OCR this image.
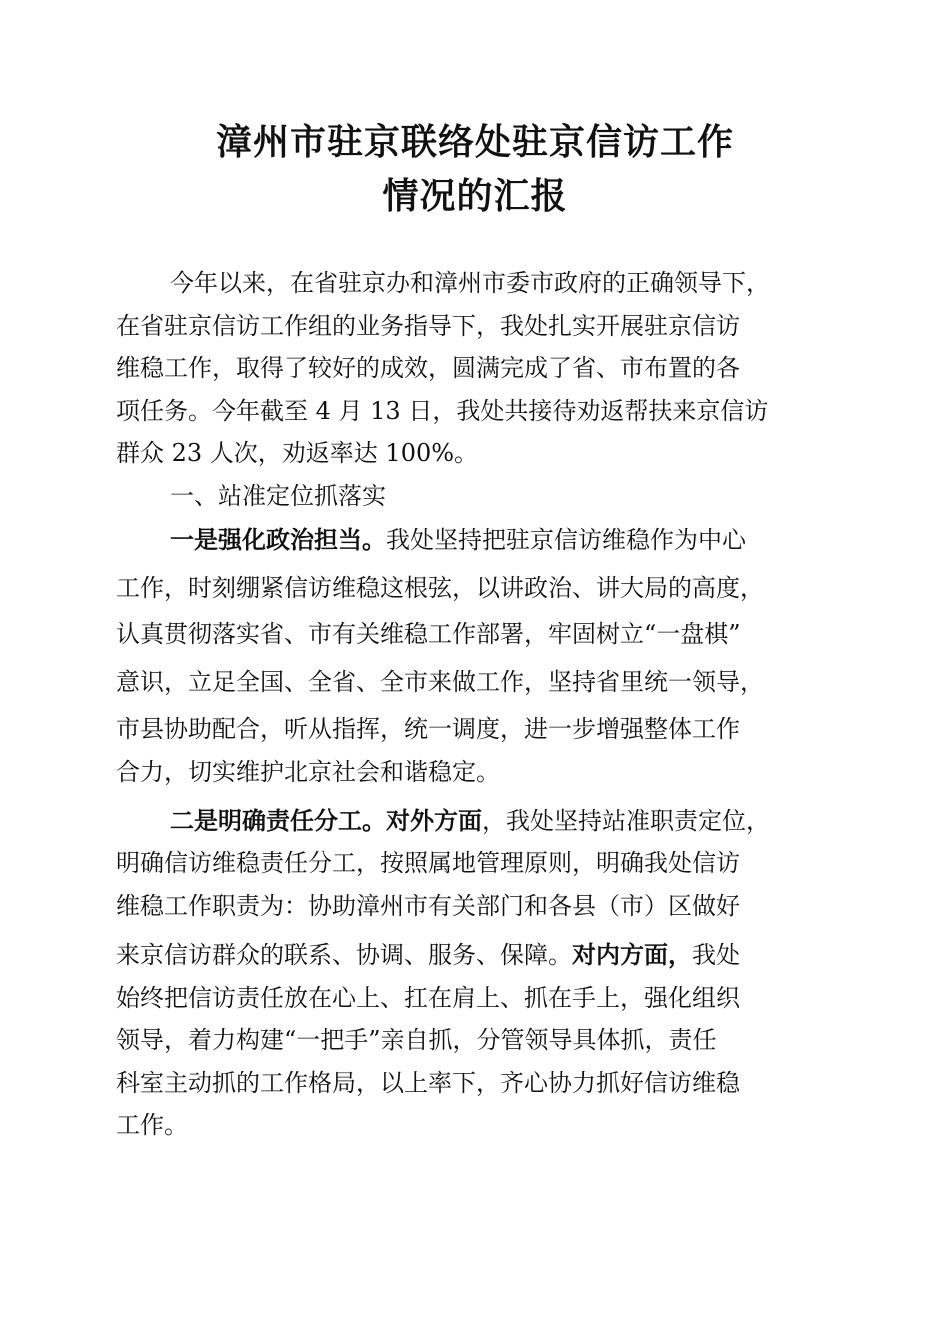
漳州市驻京联络处驻京信访工作
情况的汇报
今年以来，在省驻京办和漳州市委市政府的正确领导下，
在省驻京信访工作组的业务指导下，我处扎实开展驻京信访
维稳工作，取得了较好的成效，圆满完成了省、市布置的各
项任务。今年截至 4 月 13 日，我处共接待劝返帮扶来京信访
群众 23 人次，劝返率达 100%。
一、站准定位抓落实
一是强化政治担当。我处坚持把驻京信访维稳作为中心
工作，时刻绷紧信访维稳这根弦，以讲政治、讲大局的高度，
认真贯彻落实省、市有关维稳工作部署，牢固树立“一盘棋”
意识，立足全国、全省、全市来做工作，坚持省里统一领导，
市县协助配合，听从指挥，统一调度，进一步增强整体工作
合力，切实维护北京社会和谐稳定。
二是明确责任分工。对外方面，我处坚持站准职责定位，
明确信访维稳责任分工，按照属地管理原则，明确我处信访
维稳工作职责为：协助漳州市有关部门和各县（市）区做好
来京信访群众的联系、协调、服务、保障。对内方面，我处
始终把信访责任放在心上、扛在肩上、抓在手上，强化组织
领导，着力构建“一把手”亲自抓，分管领导具体抓，责任
科室主动抓的工作格局，以上率下，齐心协力抓好信访维稳
工作。
